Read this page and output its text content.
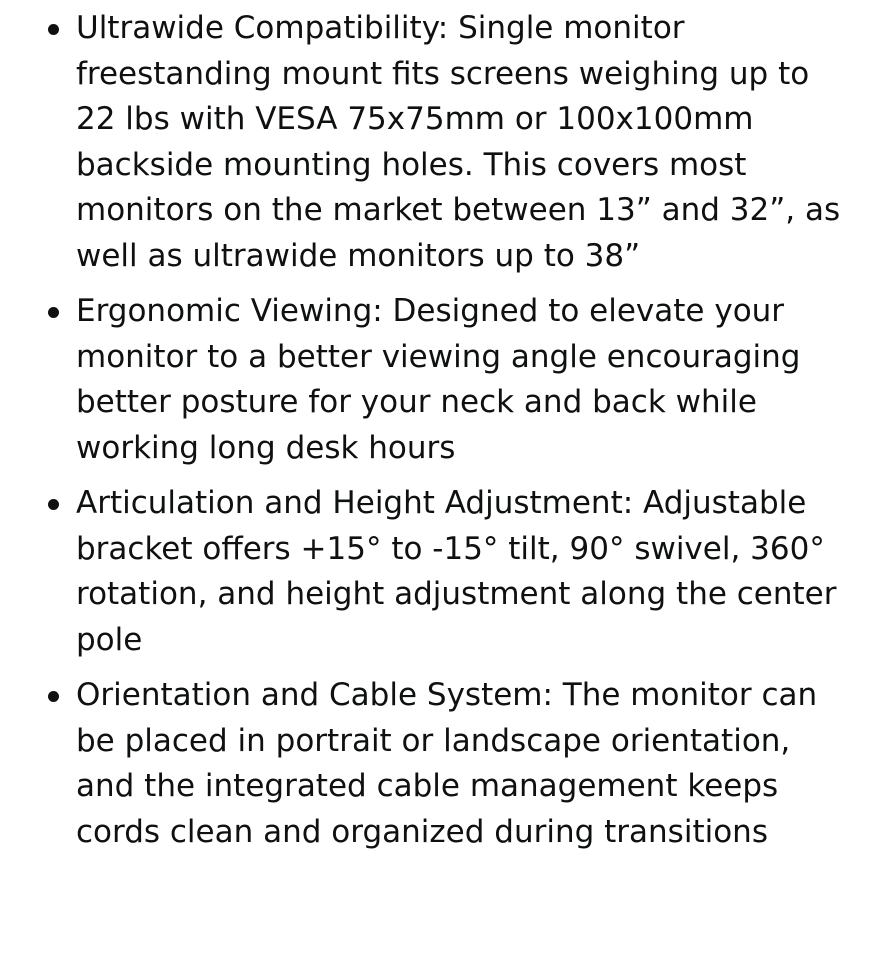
Ultrawide Compatibility: Single monitor freestanding mount fits screens weighing up to 22 lbs with VESA 75x75mm or 100x100mm backside mounting holes. This covers most monitors on the market between 13” and 32”, as well as ultrawide monitors up to 38”
Ergonomic Viewing: Designed to elevate your monitor to a better viewing angle encouraging better posture for your neck and back while working long desk hours
Articulation and Height Adjustment: Adjustable bracket offers +15° to -15° tilt, 90° swivel, 360° rotation, and height adjustment along the center pole
Orientation and Cable System: The monitor can be placed in portrait or landscape orientation, and the integrated cable management keeps cords clean and organized during transitions
